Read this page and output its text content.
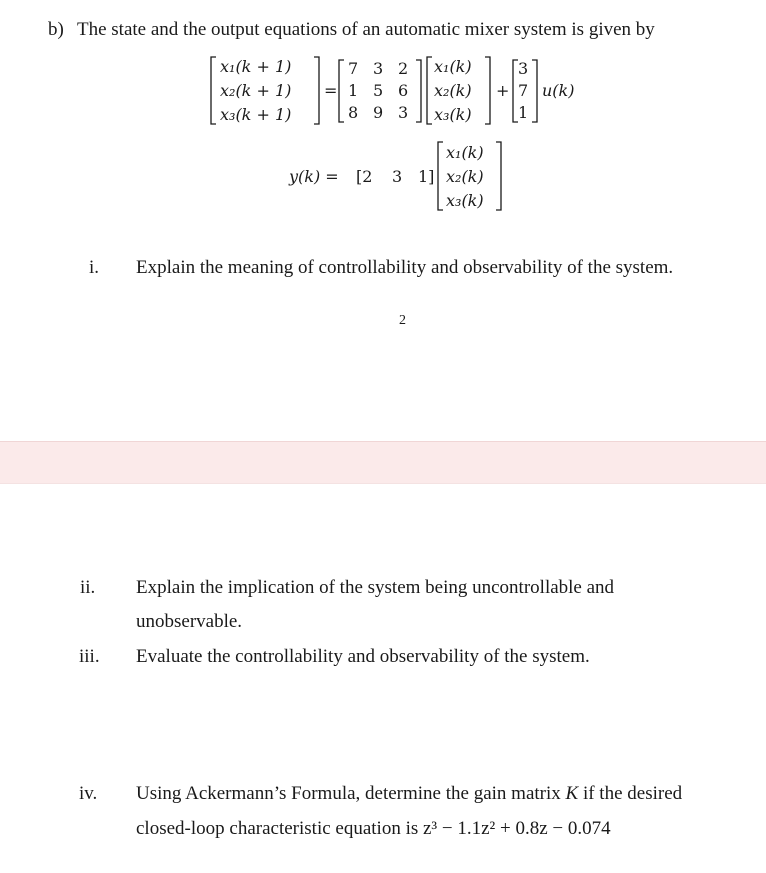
b) The state and the output equations of an automatic mixer system is given by
x₁(k + 1)
x₂(k + 1)
x₃(k + 1)
=
7 3 2
1 5 6
8 9 3
x₁(k)
x₂(k)
x₃(k)
+
3
7
1
u(k)
y(k) = [2 3 1]
x₁(k)
x₂(k)
x₃(k)
i. Explain the meaning of controllability and observability of the system.
2
ii. Explain the implication of the system being uncontrollable and
unobservable.
iii. Evaluate the controllability and observability of the system.
iv. Using Ackermann’s Formula, determine the gain matrix K if the desired
closed-loop characteristic equation is z³ − 1.1z² + 0.8z − 0.074
